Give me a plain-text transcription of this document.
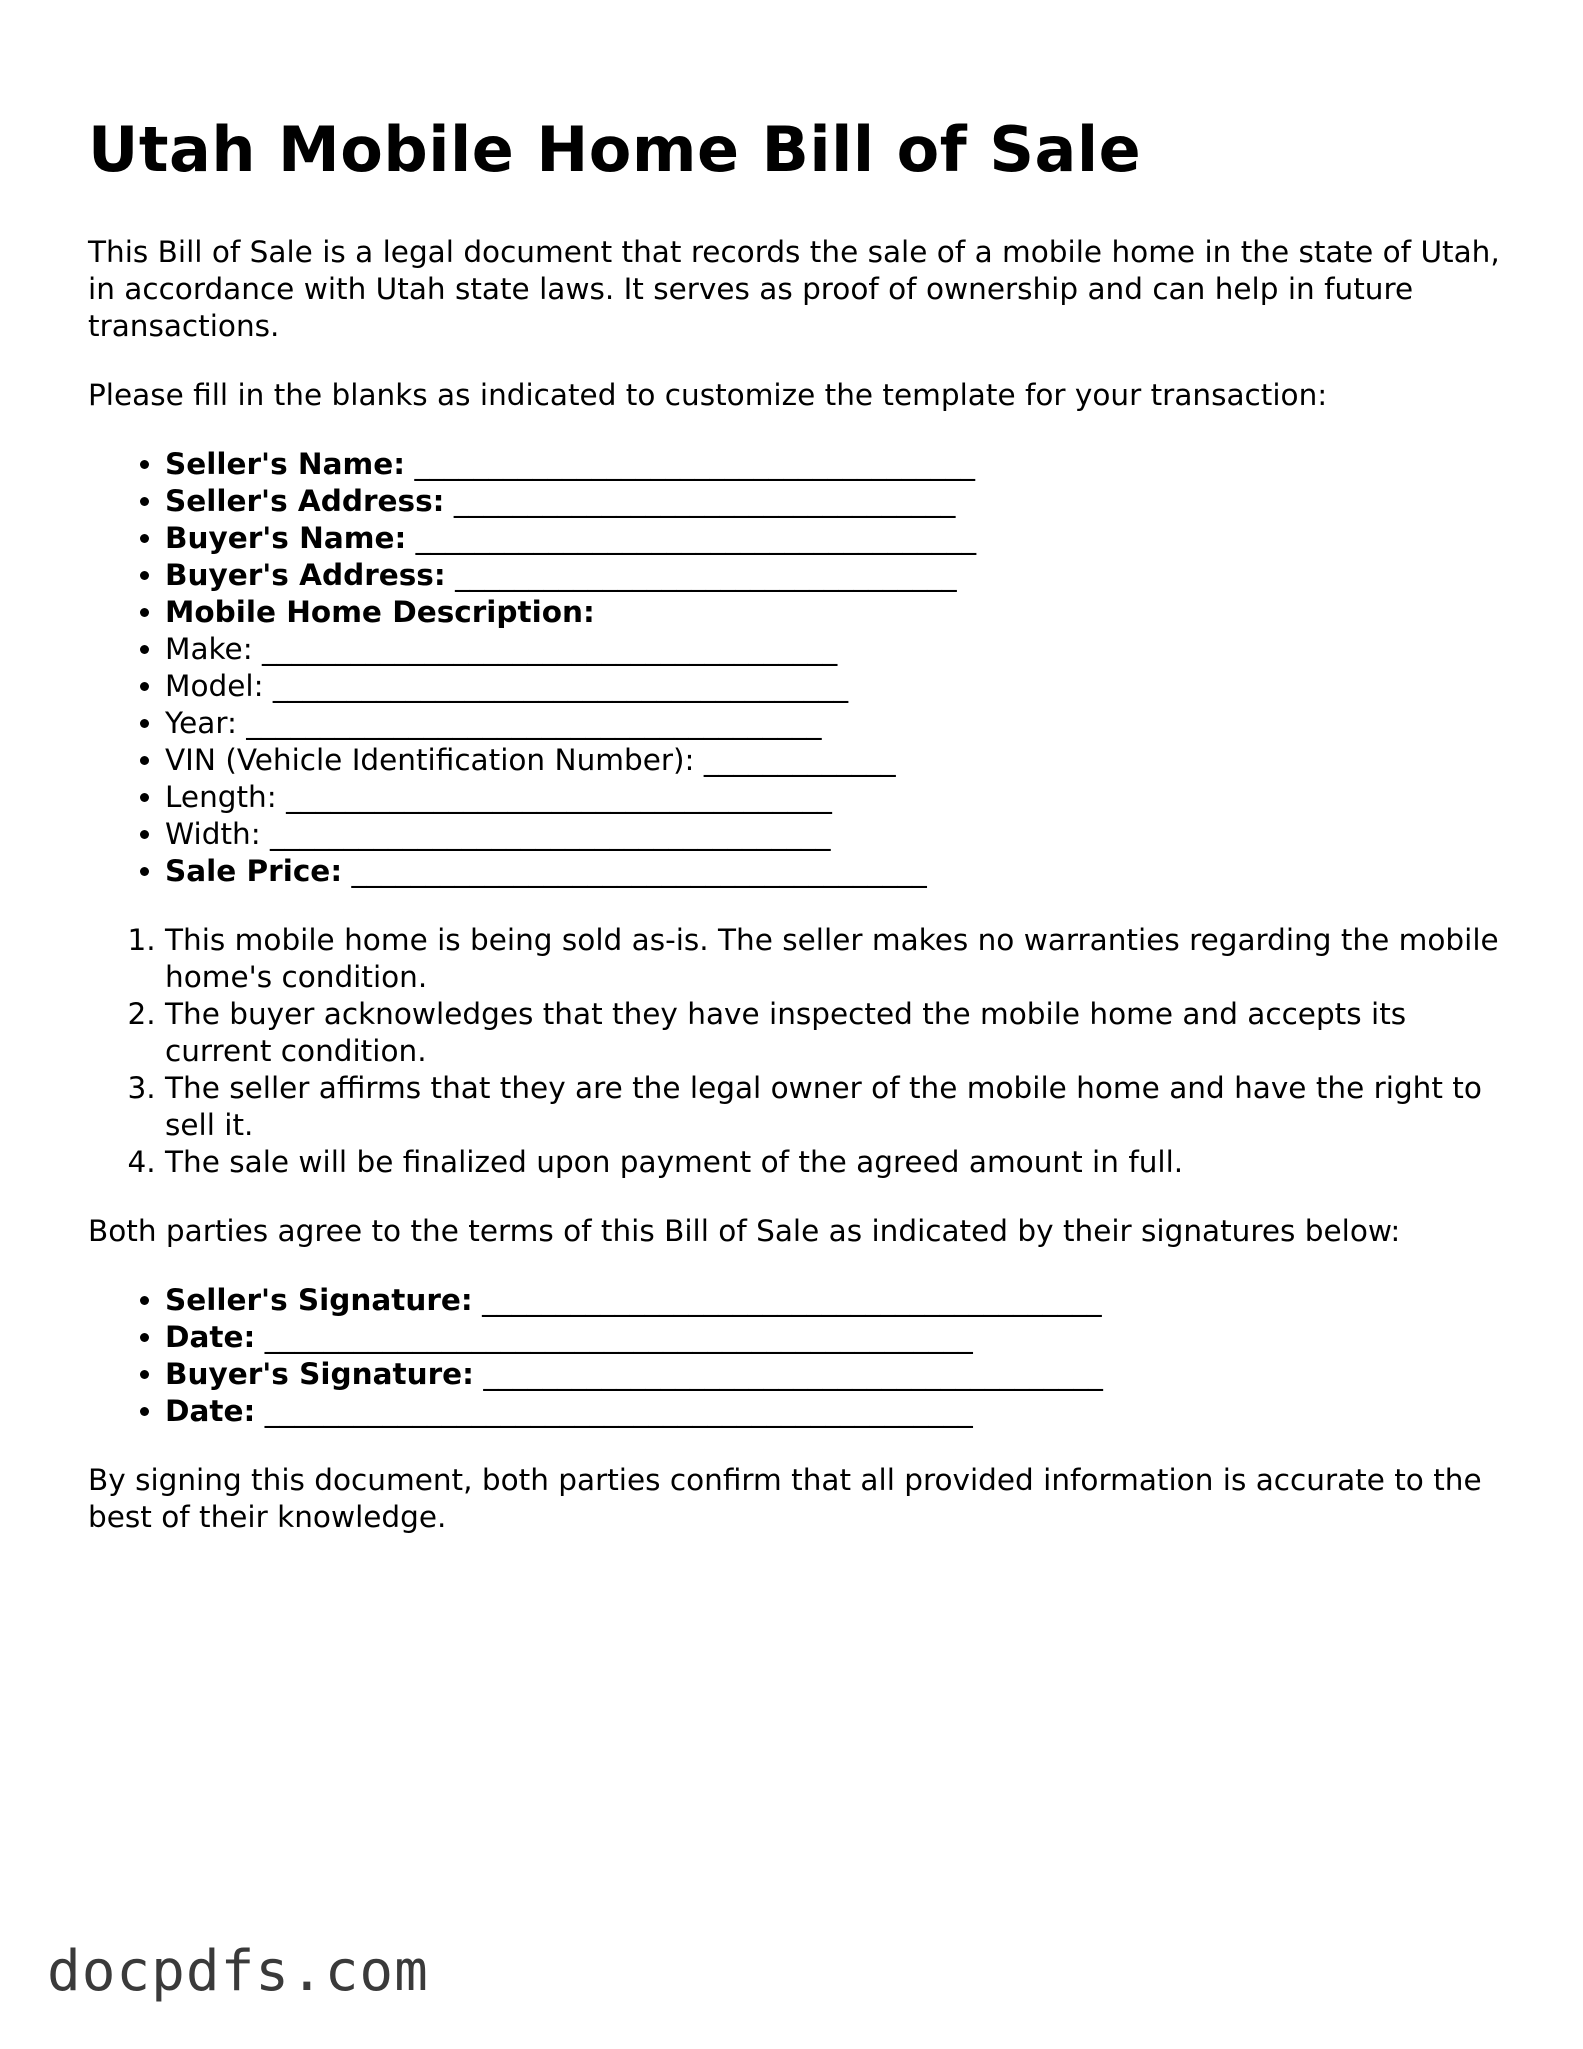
Utah Mobile Home Bill of Sale

This Bill of Sale is a legal document that records the sale of a mobile home in the state of Utah, in accordance with Utah state laws. It serves as proof of ownership and can help in future transactions.

Please fill in the blanks as indicated to customize the template for your transaction:

• Seller's Name: ______________________________________
• Seller's Address: __________________________________
• Buyer's Name: ______________________________________
• Buyer's Address: __________________________________
• Mobile Home Description:
• Make: _______________________________________
• Model: _______________________________________
• Year: _______________________________________
• VIN (Vehicle Identification Number): _____________
• Length: _____________________________________
• Width: ______________________________________
• Sale Price: _______________________________________
1. This mobile home is being sold as-is. The seller makes no warranties regarding the mobile home's condition.
2. The buyer acknowledges that they have inspected the mobile home and accepts its current condition.
3. The seller affirms that they are the legal owner of the mobile home and have the right to sell it.
4. The sale will be finalized upon payment of the agreed amount in full.

Both parties agree to the terms of this Bill of Sale as indicated by their signatures below:

• Seller's Signature: __________________________________________
• Date: ________________________________________________
• Buyer's Signature: __________________________________________
• Date: ________________________________________________

By signing this document, both parties confirm that all provided information is accurate to the best of their knowledge.

docpdfs.com
